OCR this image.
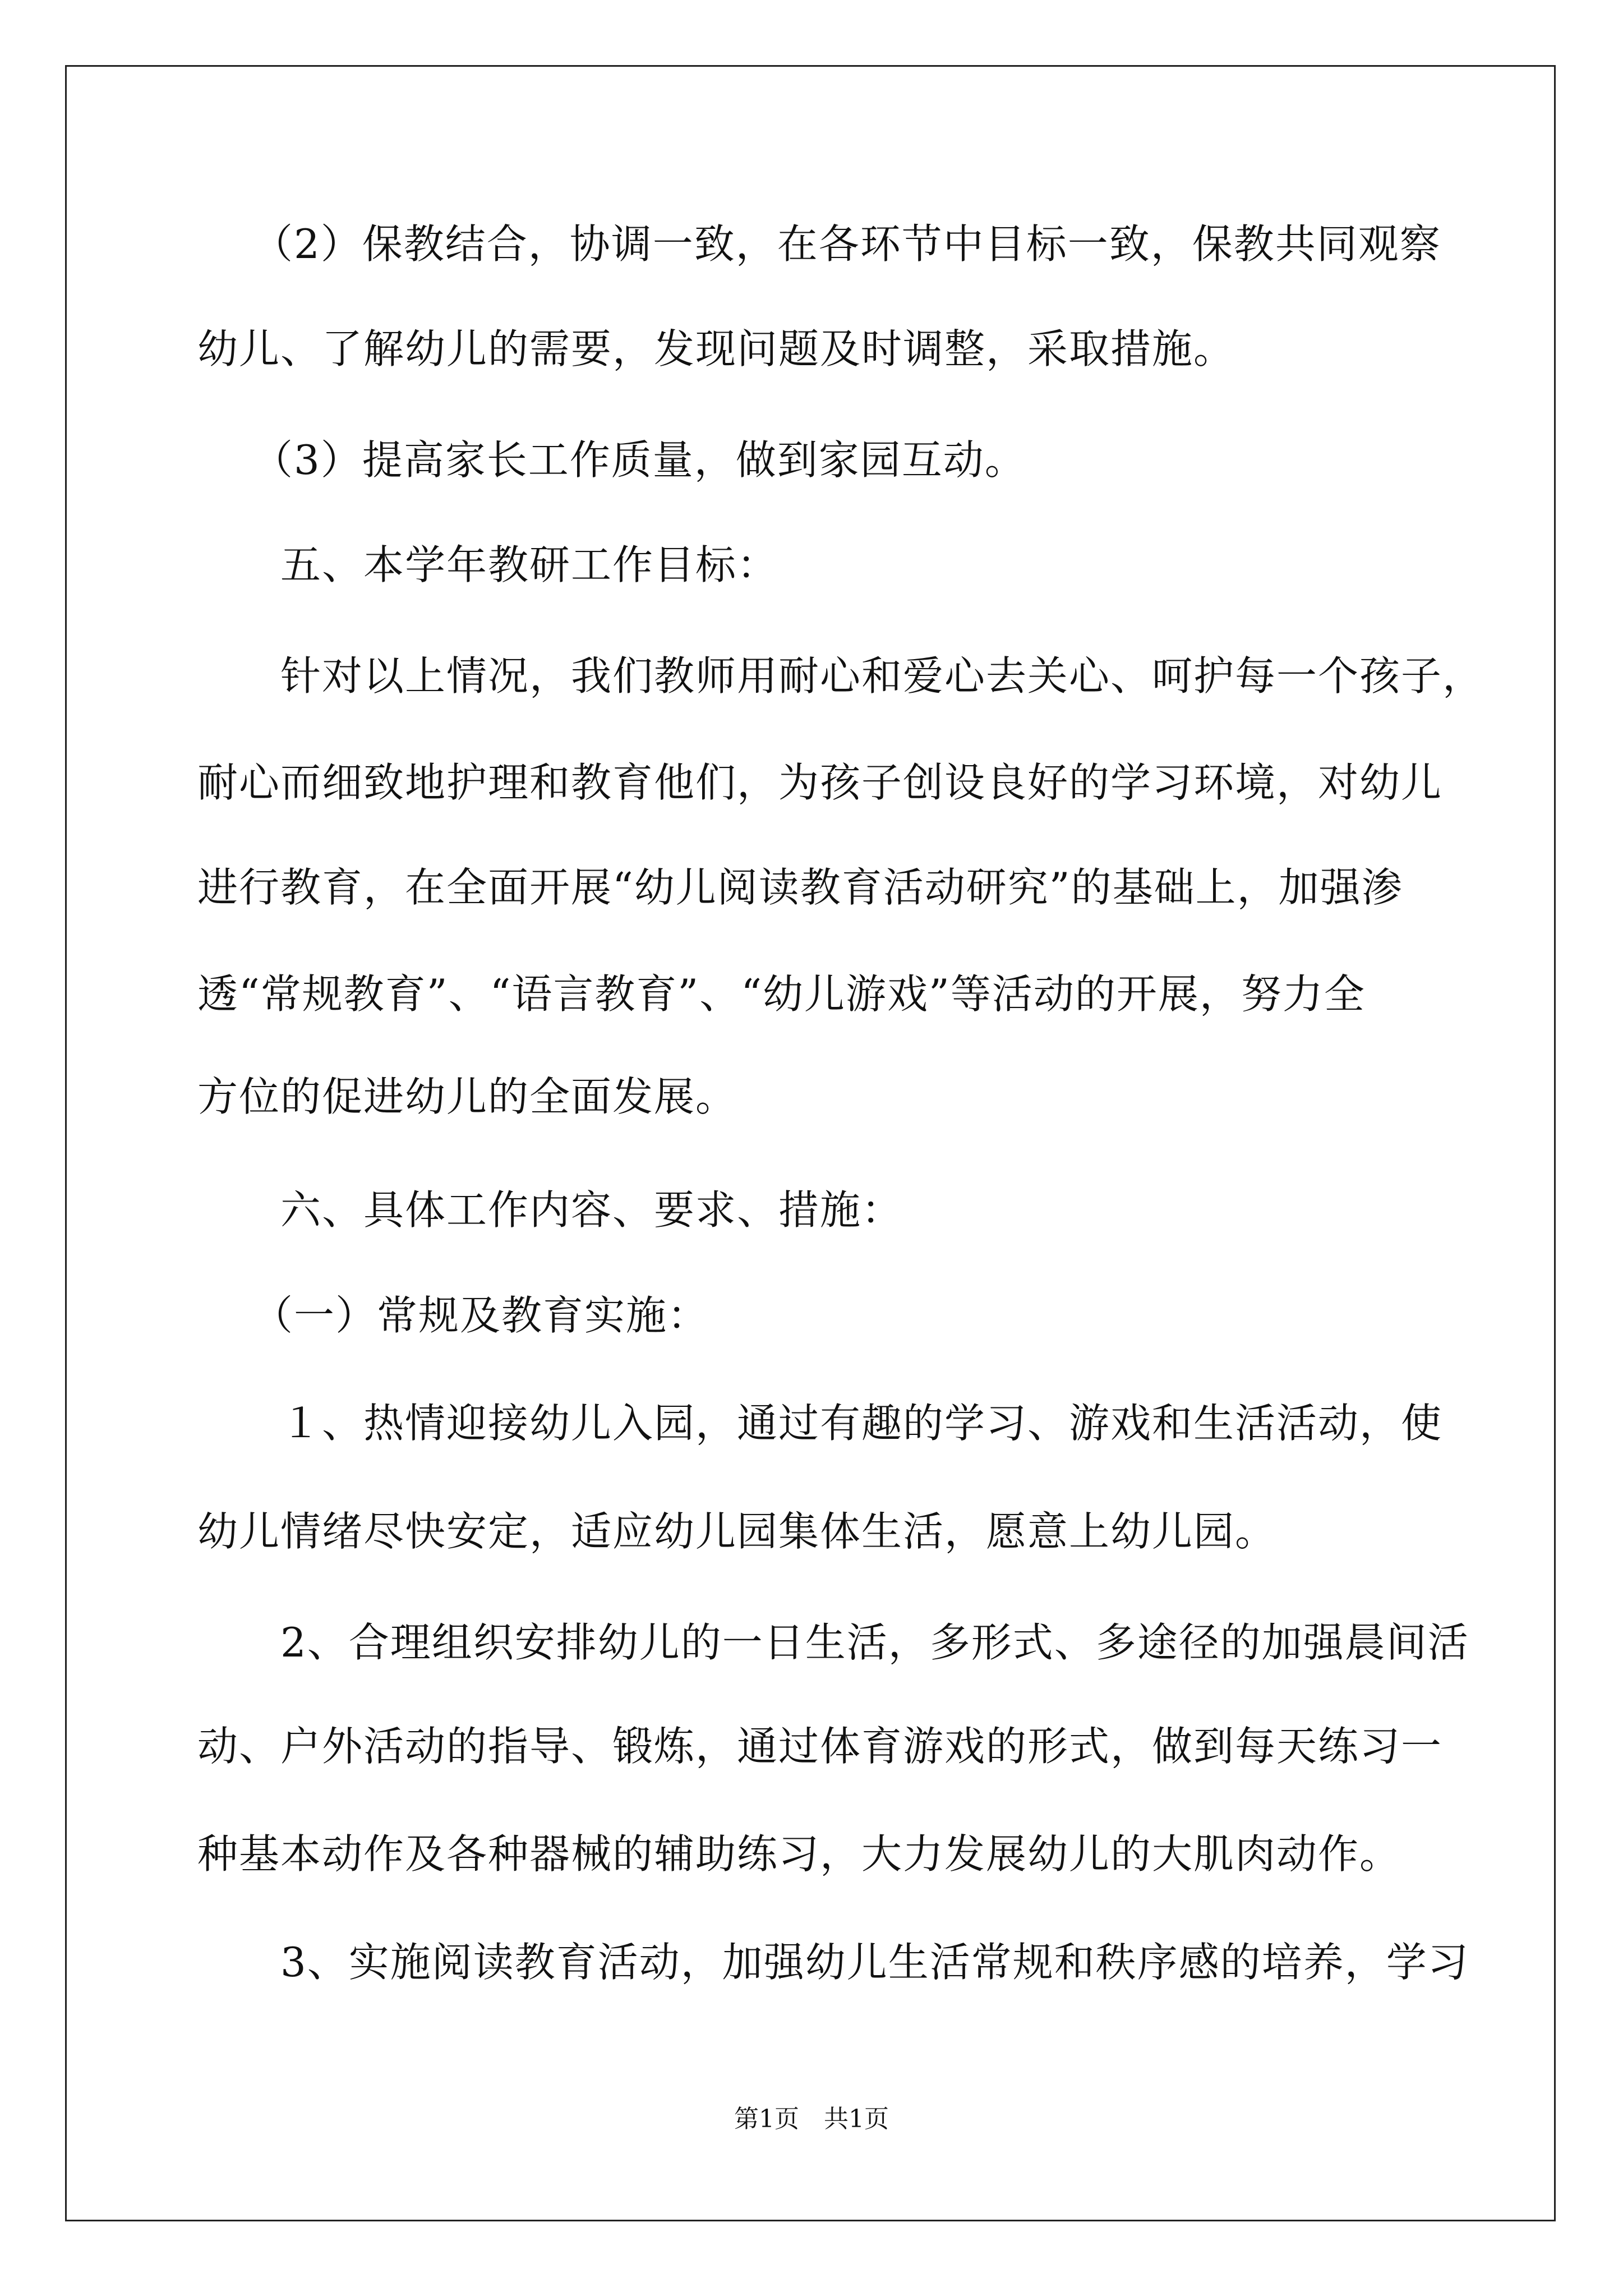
（2）保教结合，协调一致，在各环节中目标一致，保教共同观察
幼儿、了解幼儿的需要，发现问题及时调整，采取措施。
（3）提高家长工作质量，做到家园互动。
五、本学年教研工作目标：
针对以上情况，我们教师用耐心和爱心去关心、呵护每一个孩子，
耐心而细致地护理和教育他们，为孩子创设良好的学习环境，对幼儿
进行教育，在全面开展“幼儿阅读教育活动研究”的基础上，加强渗
透“常规教育”、“语言教育”、“幼儿游戏”等活动的开展，努力全
方位的促进幼儿的全面发展。
六、具体工作内容、要求、措施：
（一）常规及教育实施：
１、热情迎接幼儿入园，通过有趣的学习、游戏和生活活动，使
幼儿情绪尽快安定，适应幼儿园集体生活，愿意上幼儿园。
2、合理组织安排幼儿的一日生活，多形式、多途径的加强晨间活
动、户外活动的指导、锻炼，通过体育游戏的形式，做到每天练习一
种基本动作及各种器械的辅助练习，大力发展幼儿的大肌肉动作。
3、实施阅读教育活动，加强幼儿生活常规和秩序感的培养，学习
第1页　共1页
